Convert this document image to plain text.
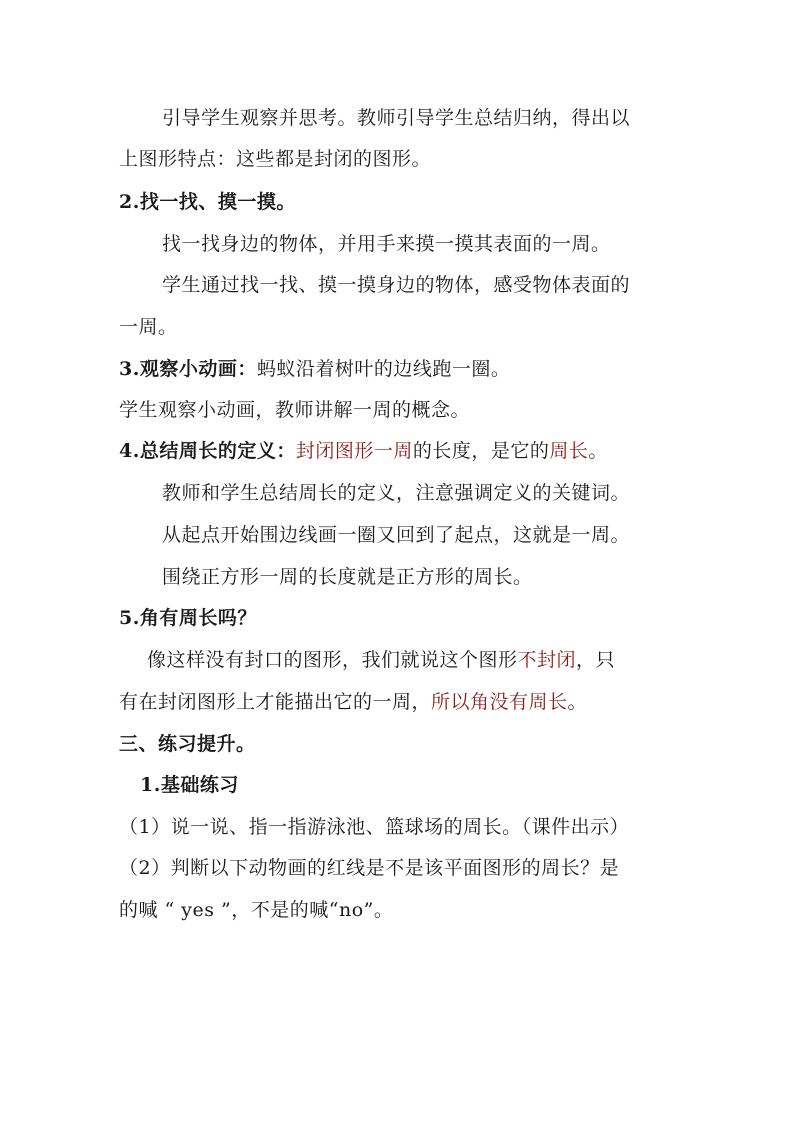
引导学生观察并思考。教师引导学生总结归纳，得出以
上图形特点：这些都是封闭的图形。
2.找一找、摸一摸。
找一找身边的物体，并用手来摸一摸其表面的一周。
学生通过找一找、摸一摸身边的物体，感受物体表面的
一周。
3.观察小动画：蚂蚁沿着树叶的边线跑一圈。
学生观察小动画，教师讲解一周的概念。
4.总结周长的定义：封闭图形一周的长度，是它的周长。
教师和学生总结周长的定义，注意强调定义的关键词。
从起点开始围边线画一圈又回到了起点，这就是一周。
围绕正方形一周的长度就是正方形的周长。
5.角有周长吗？
像这样没有封口的图形，我们就说这个图形不封闭，只
有在封闭图形上才能描出它的一周，所以角没有周长。
三、练习提升。
1.基础练习
（1）说一说、指一指游泳池、篮球场的周长。（课件出示）
（2）判断以下动物画的红线是不是该平面图形的周长？是
的喊 “ yes ”，不是的喊“no”。
